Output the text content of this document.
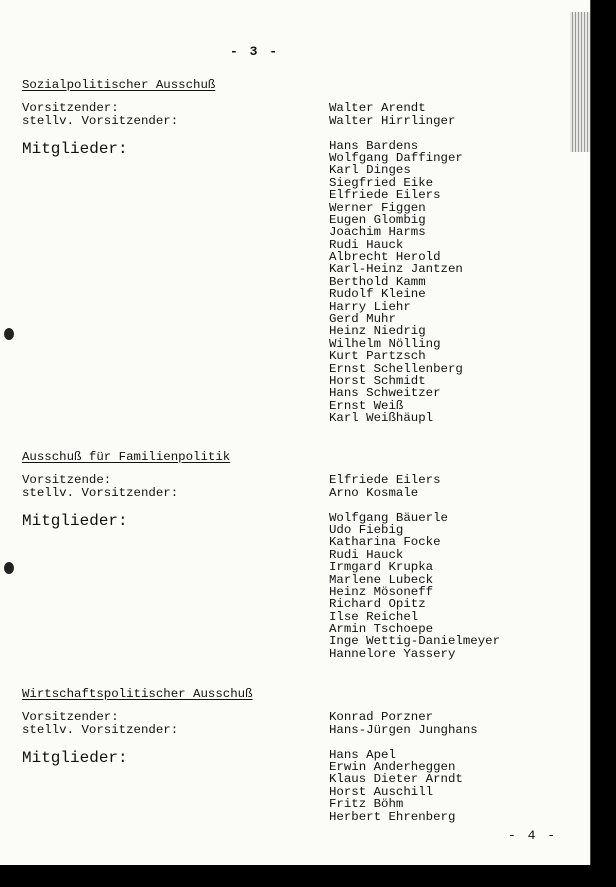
- 3 -
Sozialpolitischer Ausschuß
Vorsitzender:	Walter Arendt
stellv. Vorsitzender:	Walter Hirrlinger
Mitglieder:	Hans Bardens
Wolfgang Daffinger
Karl Dinges
Siegfried Eike
Elfriede Eilers
Werner Figgen
Eugen Glombig
Joachim Harms
Rudi Hauck
Albrecht Herold
Karl-Heinz Jantzen
Berthold Kamm
Rudolf Kleine
Harry Liehr
Gerd Muhr
Heinz Niedrig
Wilhelm Nölling
Kurt Partzsch
Ernst Schellenberg
Horst Schmidt
Hans Schweitzer
Ernst Weiß
Karl Weißhäupl
Ausschuß für Familienpolitik
Vorsitzende:	Elfriede Eilers
stellv. Vorsitzender:	Arno Kosmale
Mitglieder:	Wolfgang Bäuerle
Udo Fiebig
Katharina Focke
Rudi Hauck
Irmgard Krupka
Marlene Lubeck
Heinz Mösoneff
Richard Opitz
Ilse Reichel
Armin Tschoepe
Inge Wettig-Danielmeyer
Hannelore Yassery
Wirtschaftspolitischer Ausschuß
Vorsitzender:	Konrad Porzner
stellv. Vorsitzender:	Hans-Jürgen Junghans
Mitglieder:	Hans Apel
Erwin Anderheggen
Klaus Dieter Arndt
Horst Auschill
Fritz Böhm
Herbert Ehrenberg
- 4 -
